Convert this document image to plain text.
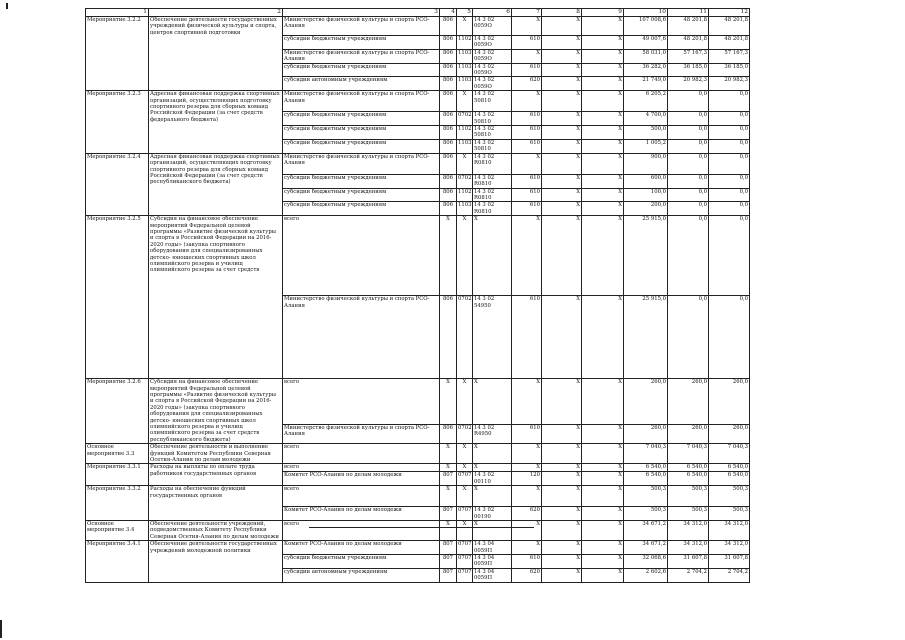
1	2	3	4	5	6	7	8	9	10	11	12
Мероприятие 3.2.2	Обеспечение деятельности государственных учреждений физической культуры и спорта, центров спортивной подготовки	Министерство физической культуры и спорта РСО-Алания	806	X	14 3 02 0059О	X	X	X	107 008,6	48 201,8	48 201,8
		субсидии бюджетным учреждениям	806	1102	14 3 02 0059О	610	X	X	49 007,6	48 201,8	48 201,8
		Министерство физической культуры и спорта РСО-Алания	806	1103	14 3 02 0059О	X	X	X	58 031,0	57 167,3	57 167,3
		субсидии бюджетным учреждениям	806	1103	14 3 02 0059О	610	X	X	36 282,0	36 185,0	36 185,0
		субсидии автономным учреждениям	806	1103	14 3 02 0059О	620	X	X	21 749,0	20 982,3	20 982,3
Мероприятие 3.2.3	Адресная финансовая поддержка спортивных организаций, осуществляющих подготовку спортивного резерва для сборных команд Российской Федерации (за счет средств федерального бюджета)	Министерство физической культуры и спорта РСО-Алания	806	X	14 3 02 50810	X	X	X	6 205,2	0,0	0,0
		субсидии бюджетным учреждениям	806	0702	14 3 02 50810	610	X	X	4 700,0	0,0	0,0
		субсидии бюджетным учреждениям	806	1102	14 3 02 50810	610	X	X	500,0	0,0	0,0
		субсидии бюджетным учреждениям	806	1103	14 3 02 50810	610	X	X	1 005,2	0,0	0,0
Мероприятие 3.2.4	Адресная финансовая поддержка спортивных организаций, осуществляющих подготовку спортивного резерва для сборных команд Российской Федерации (за счет средств республиканского бюджета)	Министерство физической культуры и спорта РСО-Алания	806	X	14 3 02 R0810	X	X	X	900,0	0,0	0,0
		субсидии бюджетным учреждениям	806	0702	14 3 02 R0810	610	X	X	600,0	0,0	0,0
		субсидии бюджетным учреждениям	806	1102	14 3 02 R0810	610	X	X	100,0	0,0	0,0
		субсидии бюджетным учреждениям	806	1103	14 3 02 R0810	610	X	X	200,0	0,0	0,0
Мероприятие 3.2.5	Субсидия на финансовое обеспечение мероприятий Федеральной целевой программы «Развитие физической культуры и спорта в Российской Федерации на 2016-2020 годы» (закупка спортивного оборудования для специализированных детско- юношеских спортивных школ олимпийского резерва и училищ олимпийского резерва за счет средств	всего	X	X	X	X	X	X	25 915,0	0,0	0,0
		Министерство физической культуры и спорта РСО-Алания	806	0702	14 3 02 54950	610	X	X	25 915,0	0,0	0,0
Мероприятие 3.2.6	Субсидия на финансовое обеспечение мероприятий Федеральной целевой программы «Развитие физической культуры и спорта в Российской Федерации на 2016-2020 годы» (закупка спортивного оборудования для специализированных детско- юношеских спортивных школ олимпийского резерва и училищ олимпийского резерва за счет средств республиканского бюджета)	всего	X	X	X	X	X	X	260,0	260,0	260,0
		Министерство физической культуры и спорта РСО-Алания	806	0702	14 3 02 R4950	610	X	X	260,0	260,0	260,0
Основное мероприятие 3.3	Обеспечение деятельности и выполнение функций Комитетом Республики Северная Осетия-Алания по делам молодежи	всего	X	X	X	X	X	X	7 040,3	7 040,3	7 040,3
Мероприятие 3.3.1	Расходы на выплаты по оплате труда работников государственных органов	всего	X	X	X	X	X	X	6 540,0	6 540,0	6 540,0
		Комитет РСО-Алания по делам молодежи	807	0707	14 3 02 00110	120	X	X	6 540,0	6 540,0	6 540,0
Мероприятие 3.3.2	Расходы на обеспечение функций государственных органов	всего	X	X	X	X	X	X	500,3	500,3	500,3
		Комитет РСО-Алания по делам молодежи	807	0707	14 3 02 00190	620	X	X	500,3	500,3	500,3
Основное мероприятие 3.4	Обеспечение деятельности учреждений, подведомственных Комитету Республики Северная Осетия-Алания по делам молодежи	всего	X	X	X	X	X	X	34 671,2	34 312,0	34 312,0
Мероприятие 3.4.1	Обеспечение деятельности государственных учреждений молодежной политики	Комитет РСО-Алания по делам молодежи	807	0707	14 3 04 0059П	X	X	X	34 671,2	34 312,0	34 312,0
		субсидии бюджетным учреждениям	807	0707	14 3 04 0059П	610	X	X	32 068,6	31 607,8	31 607,8
		субсидии автономным учреждениям	807	0707	14 3 04 0059П	620	X	X	2 602,6	2 704,2	2 704,2
